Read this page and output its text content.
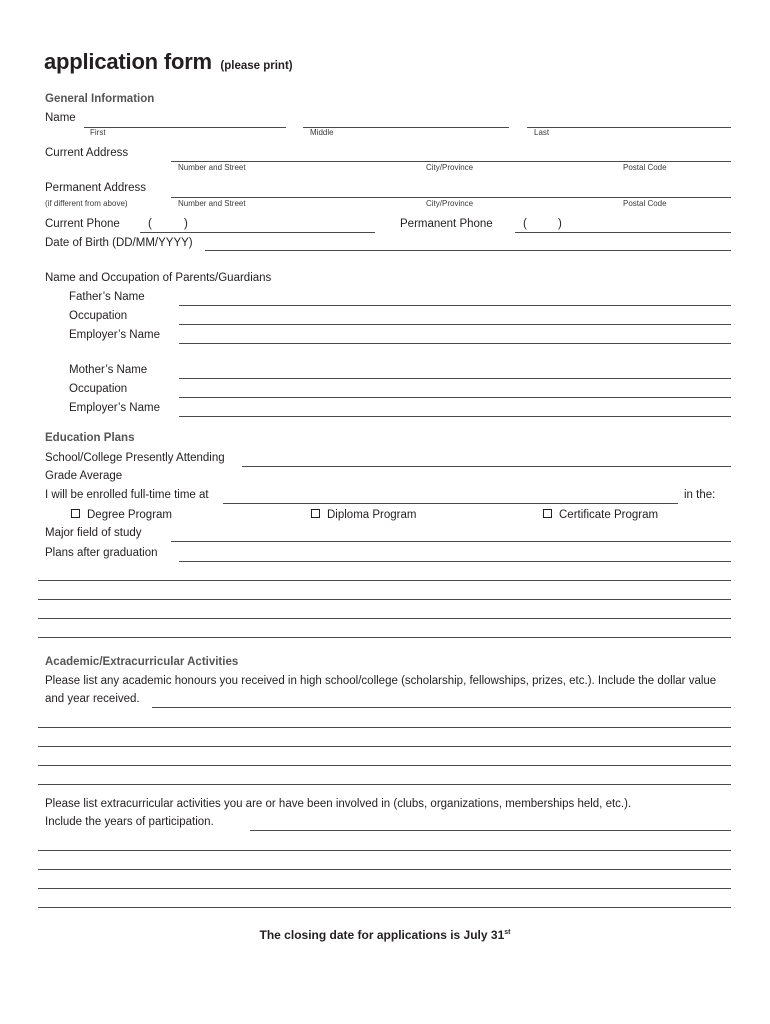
application form (please print)
General Information
Name
First	Middle	Last
Current Address
Number and Street	City/Province	Postal Code
Permanent Address
(if different from above)	Number and Street	City/Province	Postal Code
Current Phone (	)	Permanent Phone	(	)
Date of Birth (DD/MM/YYYY)
Name and Occupation of Parents/Guardians
Father’s Name
Occupation
Employer’s Name
Mother’s Name
Occupation
Employer’s Name
Education Plans
School/College Presently Attending
Grade Average
I will be enrolled full-time time at	in the:
Degree Program	Diploma Program	Certificate Program
Major field of study
Plans after graduation
Academic/Extracurricular Activities
Please list any academic honours you received in high school/college (scholarship, fellowships, prizes, etc.). Include the dollar value
and year received.
Please list extracurricular activities you are or have been involved in (clubs, organizations, memberships held, etc.).
Include the years of participation.
The closing date for applications is July 31st
